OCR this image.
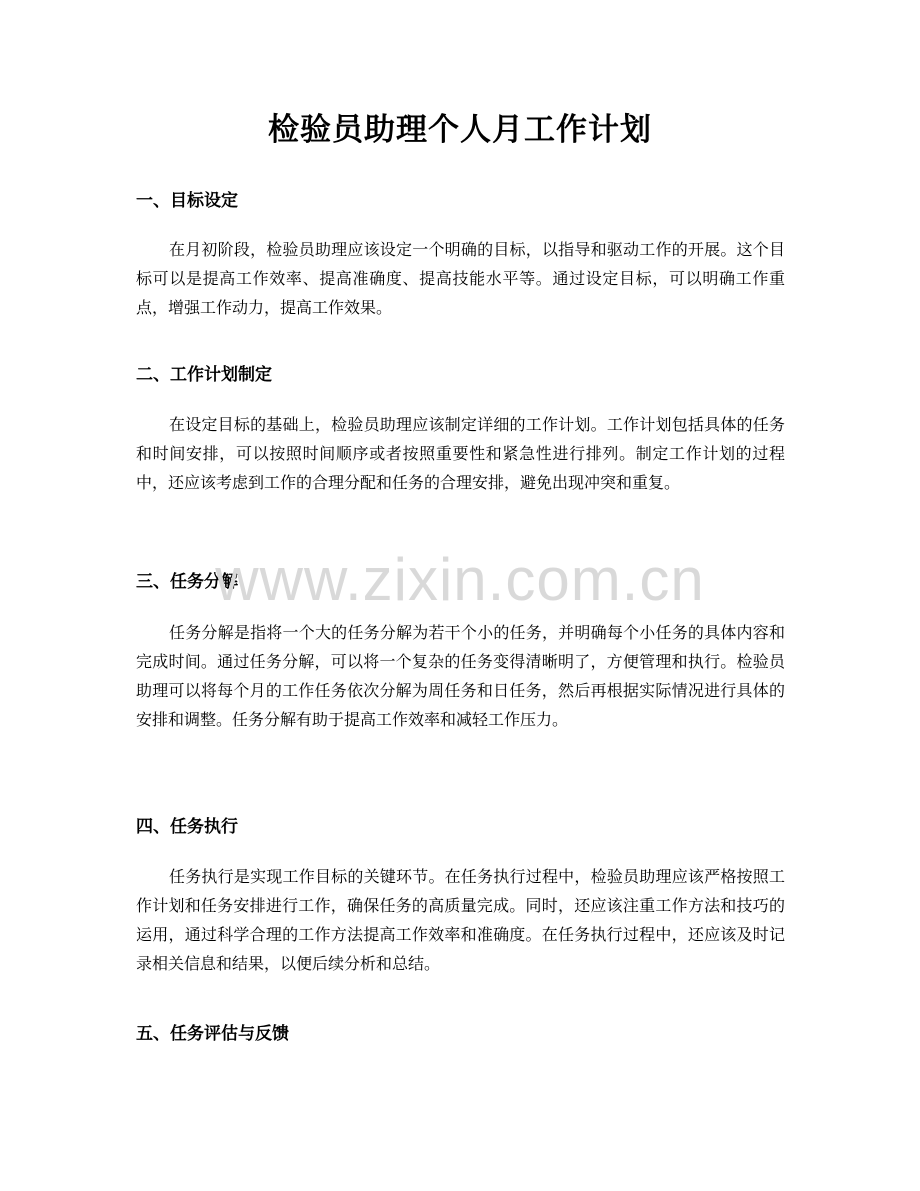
检验员助理个人月工作计划
一、目标设定

在月初阶段，检验员助理应该设定一个明确的目标，以指导和驱动工作的开展。这个目标可以是提高工作效率、提高准确度、提高技能水平等。通过设定目标，可以明确工作重点，增强工作动力，提高工作效果。

二、工作计划制定

在设定目标的基础上，检验员助理应该制定详细的工作计划。工作计划包括具体的任务和时间安排，可以按照时间顺序或者按照重要性和紧急性进行排列。制定工作计划的过程中，还应该考虑到工作的合理分配和任务的合理安排，避免出现冲突和重复。

三、任务分解

任务分解是指将一个大的任务分解为若干个小的任务，并明确每个小任务的具体内容和完成时间。通过任务分解，可以将一个复杂的任务变得清晰明了，方便管理和执行。检验员助理可以将每个月的工作任务依次分解为周任务和日任务，然后再根据实际情况进行具体的安排和调整。任务分解有助于提高工作效率和减轻工作压力。

四、任务执行

任务执行是实现工作目标的关键环节。在任务执行过程中，检验员助理应该严格按照工作计划和任务安排进行工作，确保任务的高质量完成。同时，还应该注重工作方法和技巧的运用，通过科学合理的工作方法提高工作效率和准确度。在任务执行过程中，还应该及时记录相关信息和结果，以便后续分析和总结。

五、任务评估与反馈
www.zixin.com.cn
